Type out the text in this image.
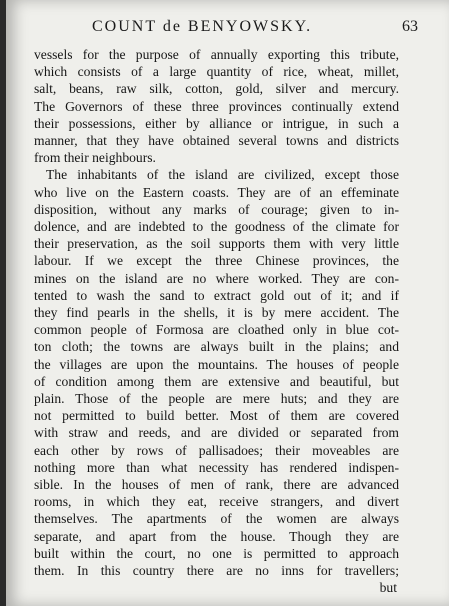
COUNT de BENYOWSKY.	63
vessels for the purpose of annually exporting this tribute,
which consists of a large quantity of rice, wheat, millet,
salt, beans, raw silk, cotton, gold, silver and mercury.
The Governors of these three provinces continually extend
their possessions, either by alliance or intrigue, in such a
manner, that they have obtained several towns and districts
from their neighbours.
The inhabitants of the island are civilized, except those
who live on the Eastern coasts. They are of an effeminate
disposition, without any marks of courage; given to in-
dolence, and are indebted to the goodness of the climate for
their preservation, as the soil supports them with very little
labour. If we except the three Chinese provinces, the
mines on the island are no where worked. They are con-
tented to wash the sand to extract gold out of it; and if
they find pearls in the shells, it is by mere accident. The
common people of Formosa are cloathed only in blue cot-
ton cloth; the towns are always built in the plains; and
the villages are upon the mountains. The houses of people
of condition among them are extensive and beautiful, but
plain. Those of the people are mere huts; and they are
not permitted to build better. Most of them are covered
with straw and reeds, and are divided or separated from
each other by rows of pallisadoes; their moveables are
nothing more than what necessity has rendered indispen-
sible. In the houses of men of rank, there are advanced
rooms, in which they eat, receive strangers, and divert
themselves. The apartments of the women are always
separate, and apart from the house. Though they are
built within the court, no one is permitted to approach
them. In this country there are no inns for travellers;
but
